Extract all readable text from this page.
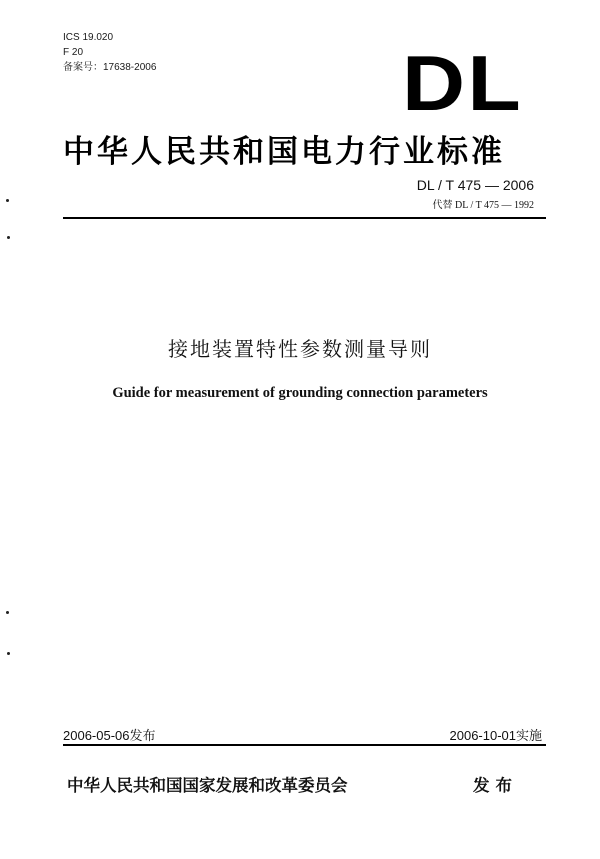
ICS 19.020
F 20
备案号：17638-2006	DL
中华人民共和国电力行业标准
DL / T 475 — 2006
代替 DL / T 475 — 1992
接地装置特性参数测量导则
Guide for measurement of grounding connection parameters
2006-05-06发布	2006-10-01实施
中华人民共和国国家发展和改革委员会	发布
